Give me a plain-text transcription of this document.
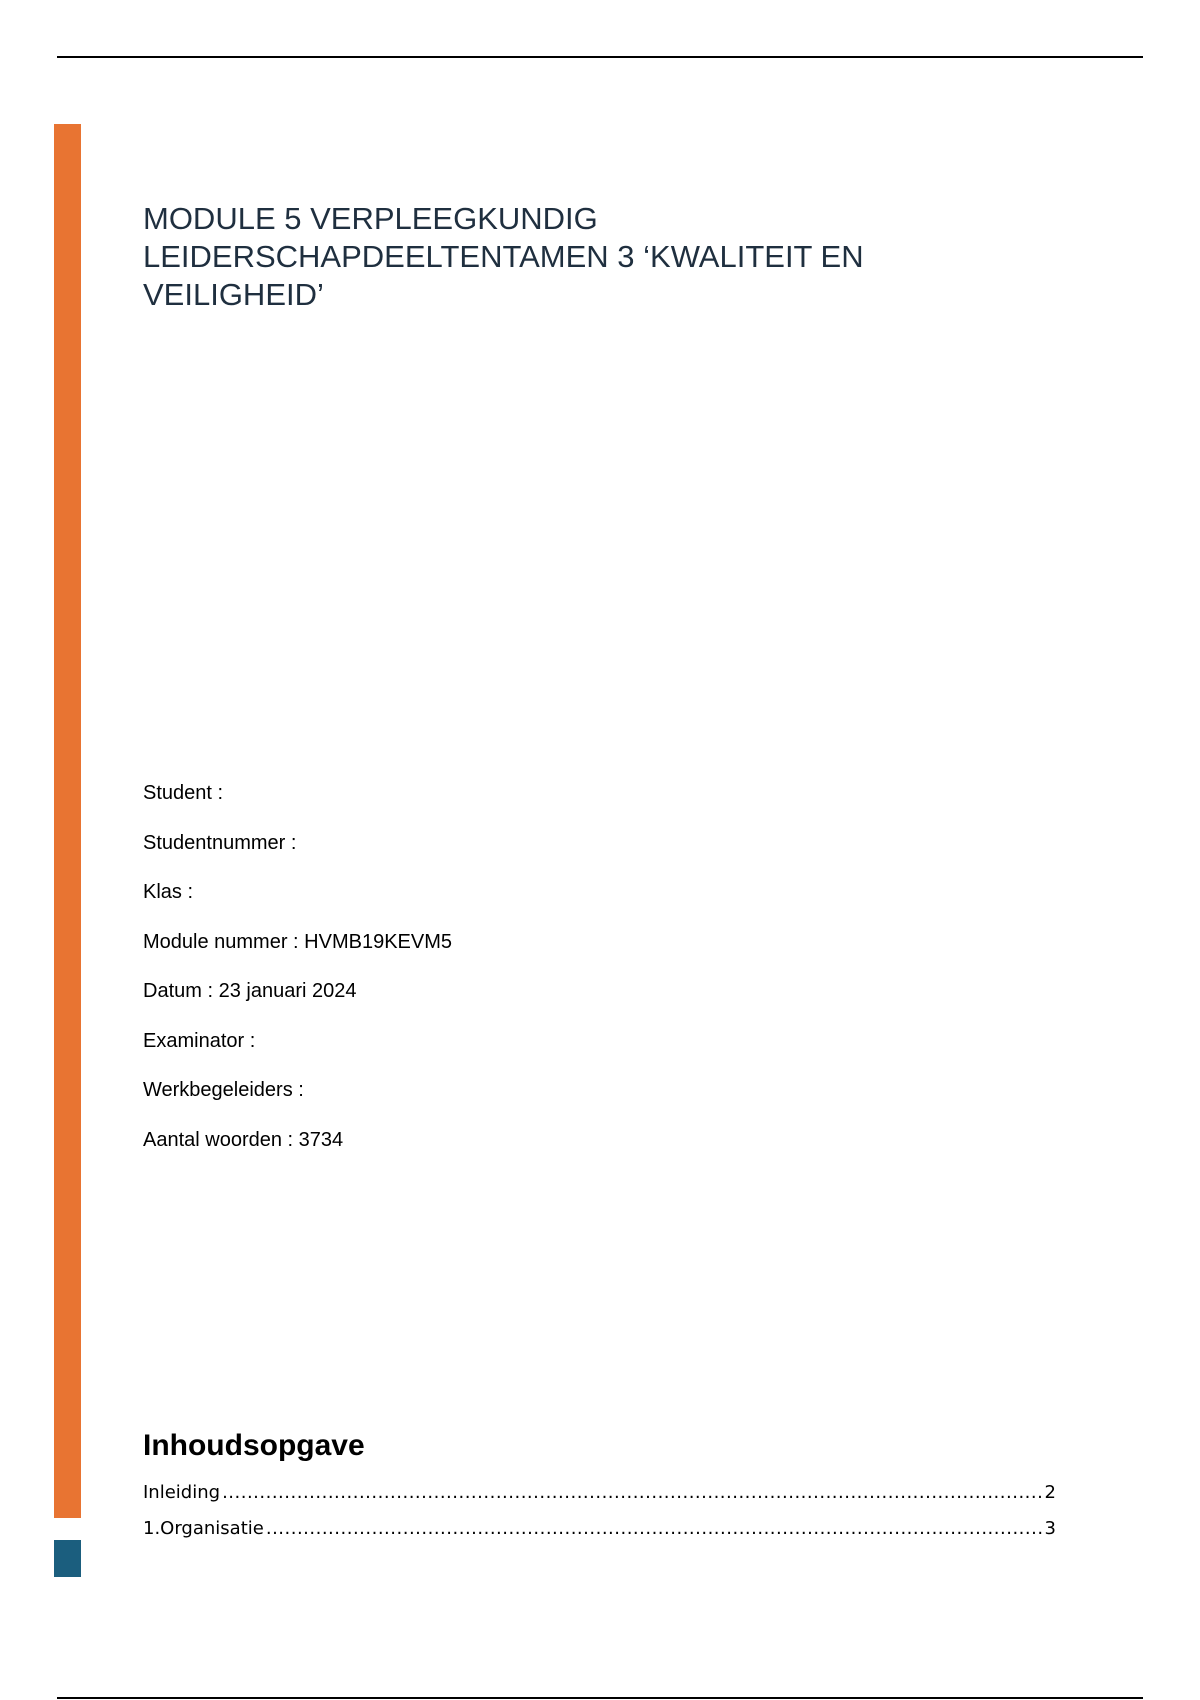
MODULE 5 VERPLEEGKUNDIG
LEIDERSCHAPDEELTENTAMEN 3 ‘KWALITEIT EN
VEILIGHEID’
Student :
Studentnummer :
Klas :
Module nummer : HVMB19KEVM5
Datum : 23 januari 2024
Examinator :
Werkbegeleiders :
Aantal woorden : 3734
Inhoudsopgave
Inleiding .....	2
1.Organisatie .....	3
